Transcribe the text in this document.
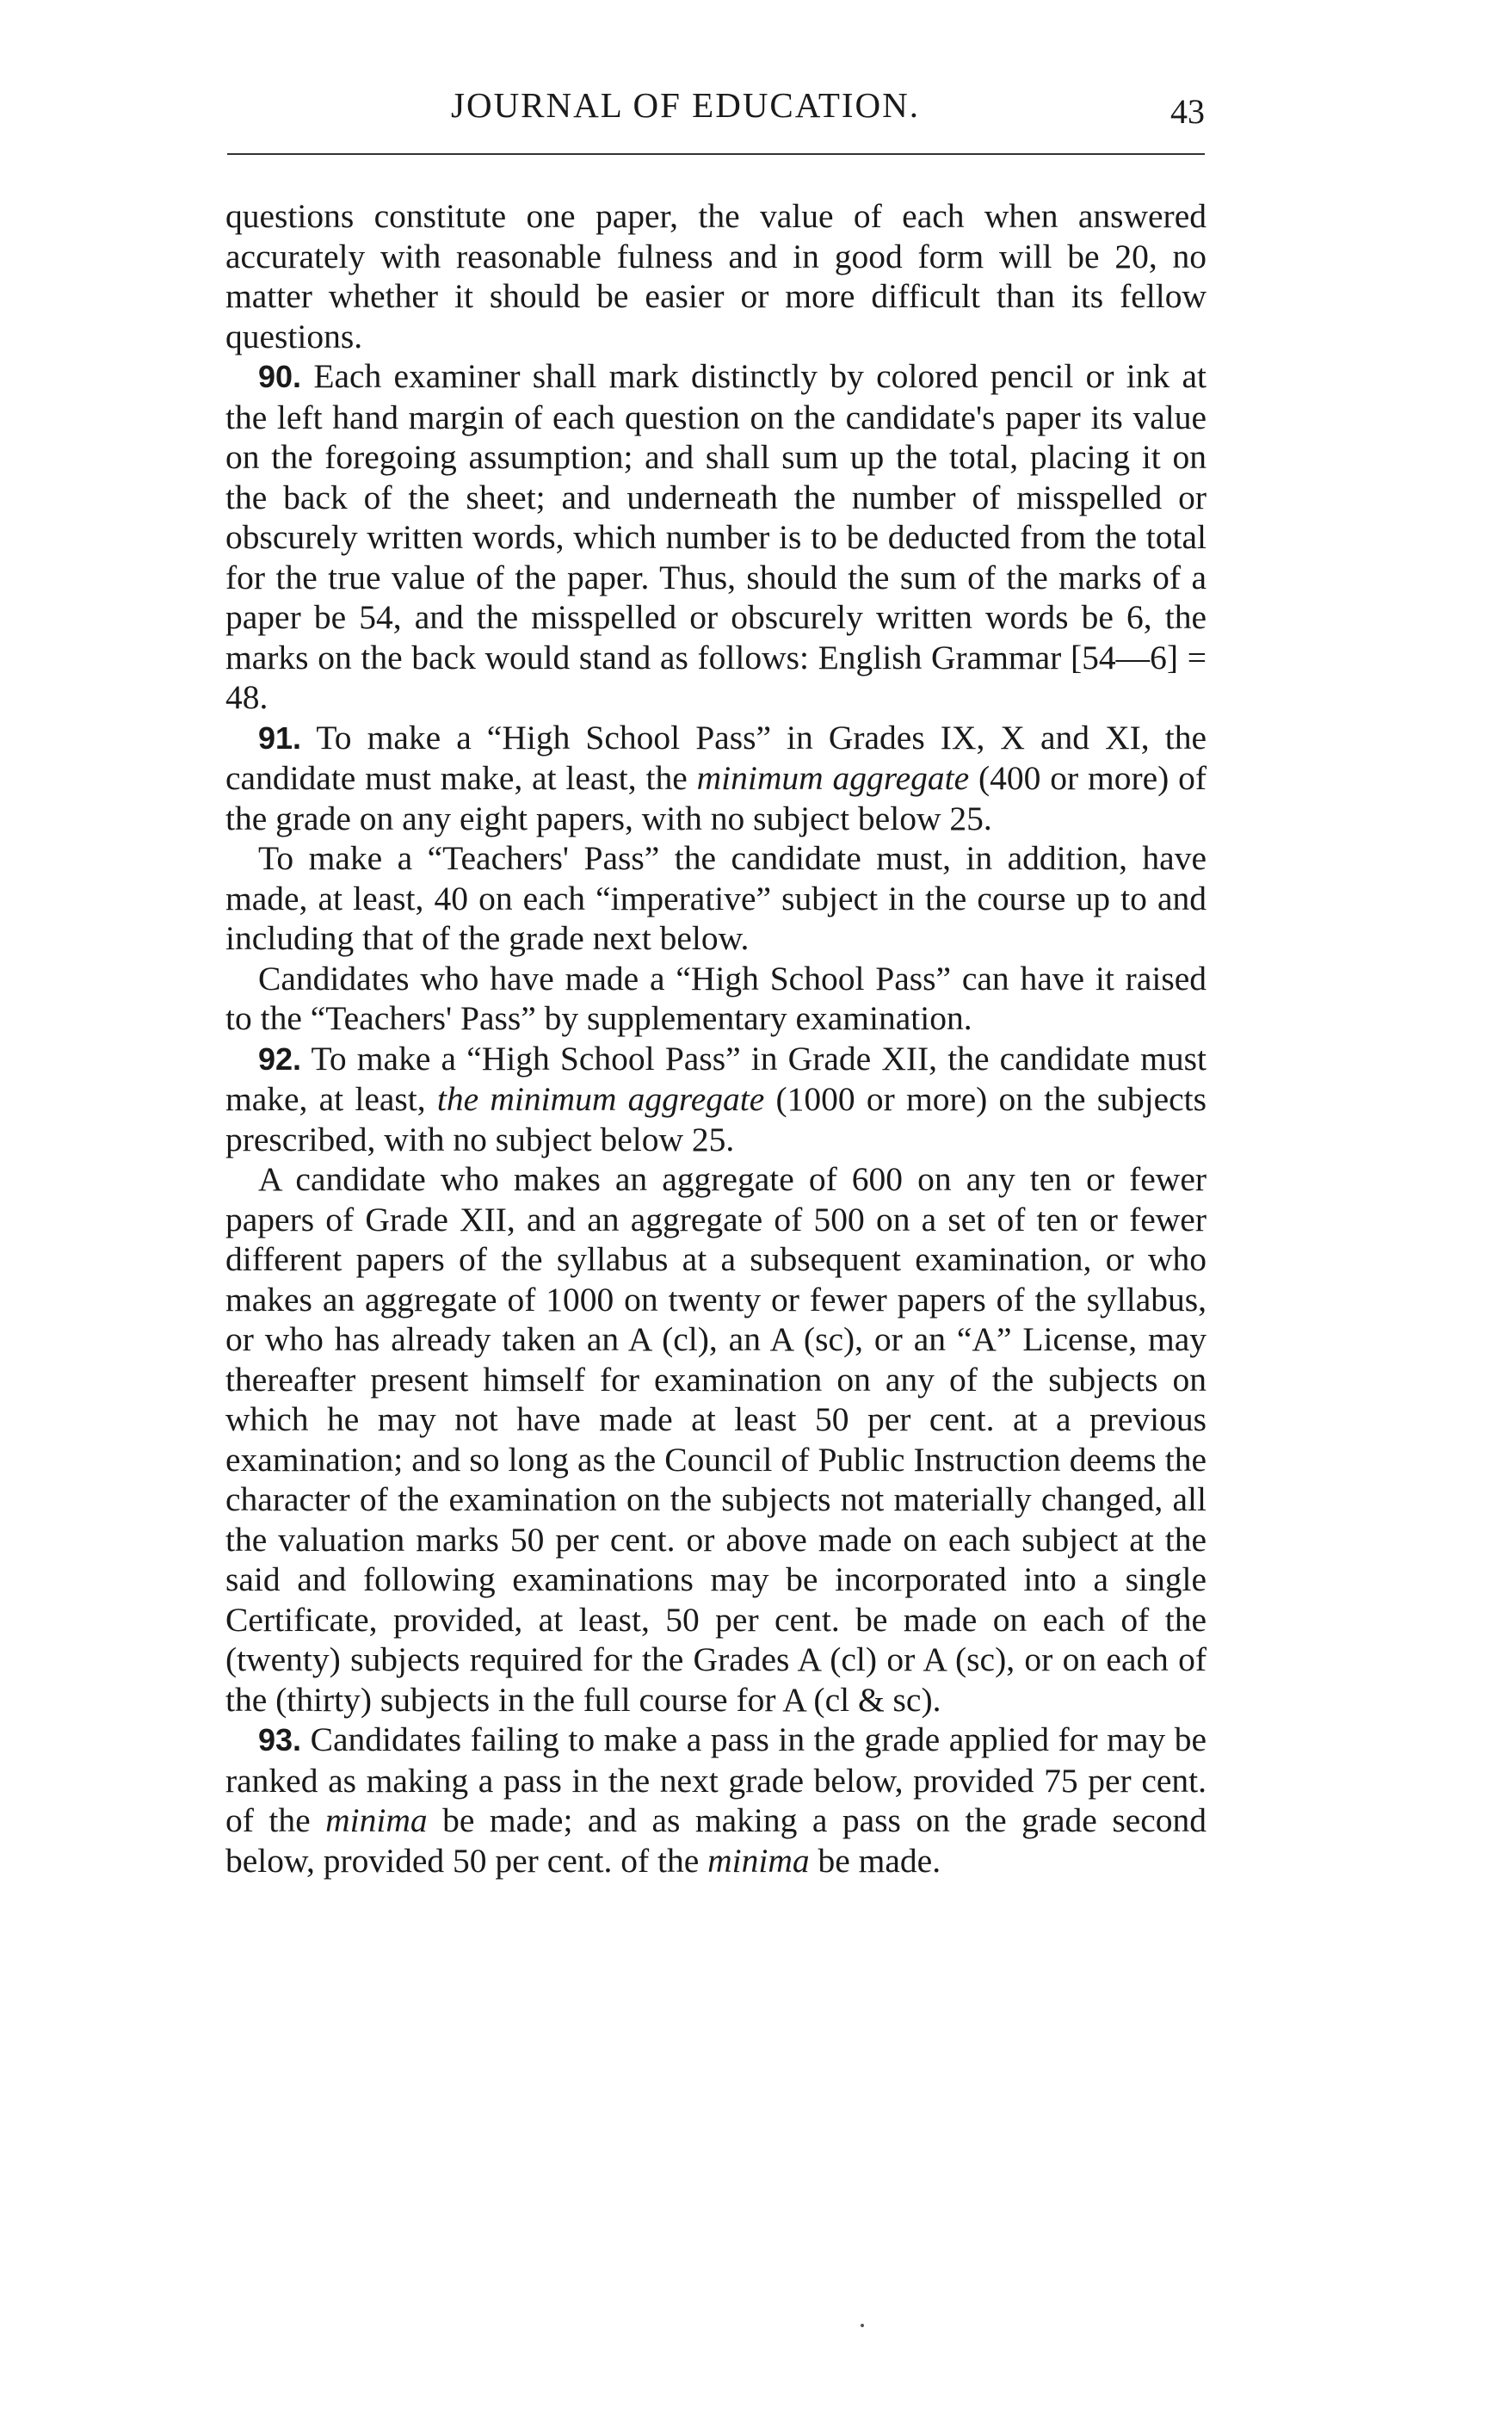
JOURNAL OF EDUCATION.	43

questions constitute one paper, the value of each when answered accurately with reasonable fulness and in good form will be 20, no matter whether it should be easier or more difficult than its fellow questions.

90. Each examiner shall mark distinctly by colored pencil or ink at the left hand margin of each question on the candidate's paper its value on the foregoing assumption; and shall sum up the total, placing it on the back of the sheet; and underneath the number of misspelled or obscurely written words, which number is to be deducted from the total for the true value of the paper. Thus, should the sum of the marks of a paper be 54, and the misspelled or obscurely written words be 6, the marks on the back would stand as follows: English Grammar [54—6] = 48.

91. To make a “High School Pass” in Grades IX, X and XI, the candidate must make, at least, the minimum aggregate (400 or more) of the grade on any eight papers, with no subject below 25.

To make a “Teachers' Pass” the candidate must, in addition, have made, at least, 40 on each “imperative” subject in the course up to and including that of the grade next below.

Candidates who have made a “High School Pass” can have it raised to the “Teachers' Pass” by supplementary examination.

92. To make a “High School Pass” in Grade XII, the candidate must make, at least, the minimum aggregate (1000 or more) on the subjects prescribed, with no subject below 25.

A candidate who makes an aggregate of 600 on any ten or fewer papers of Grade XII, and an aggregate of 500 on a set of ten or fewer different papers of the syllabus at a subsequent examination, or who makes an aggregate of 1000 on twenty or fewer papers of the syllabus, or who has already taken an A (cl), an A (sc), or an “A” License, may thereafter present himself for examination on any of the subjects on which he may not have made at least 50 per cent. at a previous examination; and so long as the Council of Public Instruction deems the character of the examination on the subjects not materially changed, all the valuation marks 50 per cent. or above made on each subject at the said and following examinations may be incorporated into a single Certificate, provided, at least, 50 per cent. be made on each of the (twenty) subjects required for the Grades A (cl) or A (sc), or on each of the (thirty) subjects in the full course for A (cl & sc).

93. Candidates failing to make a pass in the grade applied for may be ranked as making a pass in the next grade below, provided 75 per cent. of the minima be made; and as making a pass on the grade second below, provided 50 per cent. of the minima be made.
